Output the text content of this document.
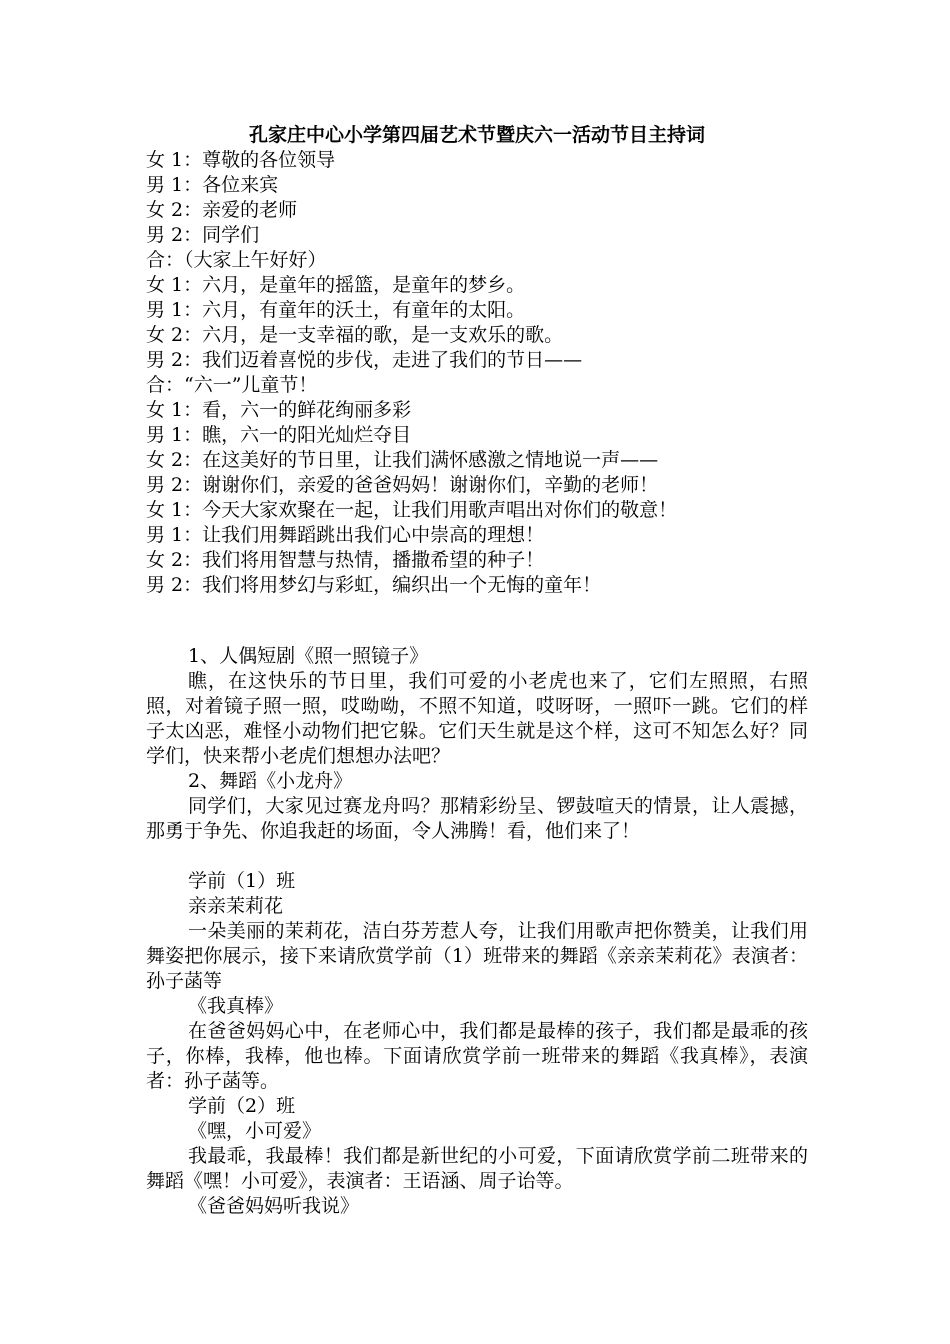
孔家庄中心小学第四届艺术节暨庆六一活动节目主持词

女 1：尊敬的各位领导

男 1：各位来宾

女 2：亲爱的老师

男 2：同学们

合：（大家上午好好）

女 1：六月，是童年的摇篮，是童年的梦乡。

男 1：六月，有童年的沃土，有童年的太阳。

女 2：六月，是一支幸福的歌，是一支欢乐的歌。

男 2：我们迈着喜悦的步伐，走进了我们的节日——

合：“六一”儿童节！

女 1：看，六一的鲜花绚丽多彩

男 1：瞧，六一的阳光灿烂夺目

女 2：在这美好的节日里，让我们满怀感激之情地说一声——

男 2：谢谢你们，亲爱的爸爸妈妈！谢谢你们，辛勤的老师！

女 1：今天大家欢聚在一起，让我们用歌声唱出对你们的敬意！

男 1：让我们用舞蹈跳出我们心中崇高的理想！

女 2：我们将用智慧与热情，播撒希望的种子！

男 2：我们将用梦幻与彩虹，编织出一个无悔的童年！

1、人偶短剧《照一照镜子》

瞧，在这快乐的节日里，我们可爱的小老虎也来了，它们左照照，右照照，对着镜子照一照，哎呦呦，不照不知道，哎呀呀，一照吓一跳。它们的样子太凶恶，难怪小动物们把它躲。它们天生就是这个样，这可不知怎么好？同学们，快来帮小老虎们想想办法吧？

2、舞蹈《小龙舟》

同学们，大家见过赛龙舟吗？那精彩纷呈、锣鼓喧天的情景，让人震撼，那勇于争先、你追我赶的场面，令人沸腾！看，他们来了！

学前（1）班

亲亲茉莉花

一朵美丽的茉莉花，洁白芬芳惹人夸，让我们用歌声把你赞美，让我们用舞姿把你展示，接下来请欣赏学前（1）班带来的舞蹈《亲亲茉莉花》表演者：孙子菡等

《我真棒》

在爸爸妈妈心中，在老师心中，我们都是最棒的孩子，我们都是最乖的孩子，你棒，我棒，他也棒。下面请欣赏学前一班带来的舞蹈《我真棒》，表演者：孙子菡等。

学前（2）班

《嘿，小可爱》

我最乖，我最棒！我们都是新世纪的小可爱，下面请欣赏学前二班带来的舞蹈《嘿！小可爱》，表演者：王语涵、周子诒等。

《爸爸妈妈听我说》
